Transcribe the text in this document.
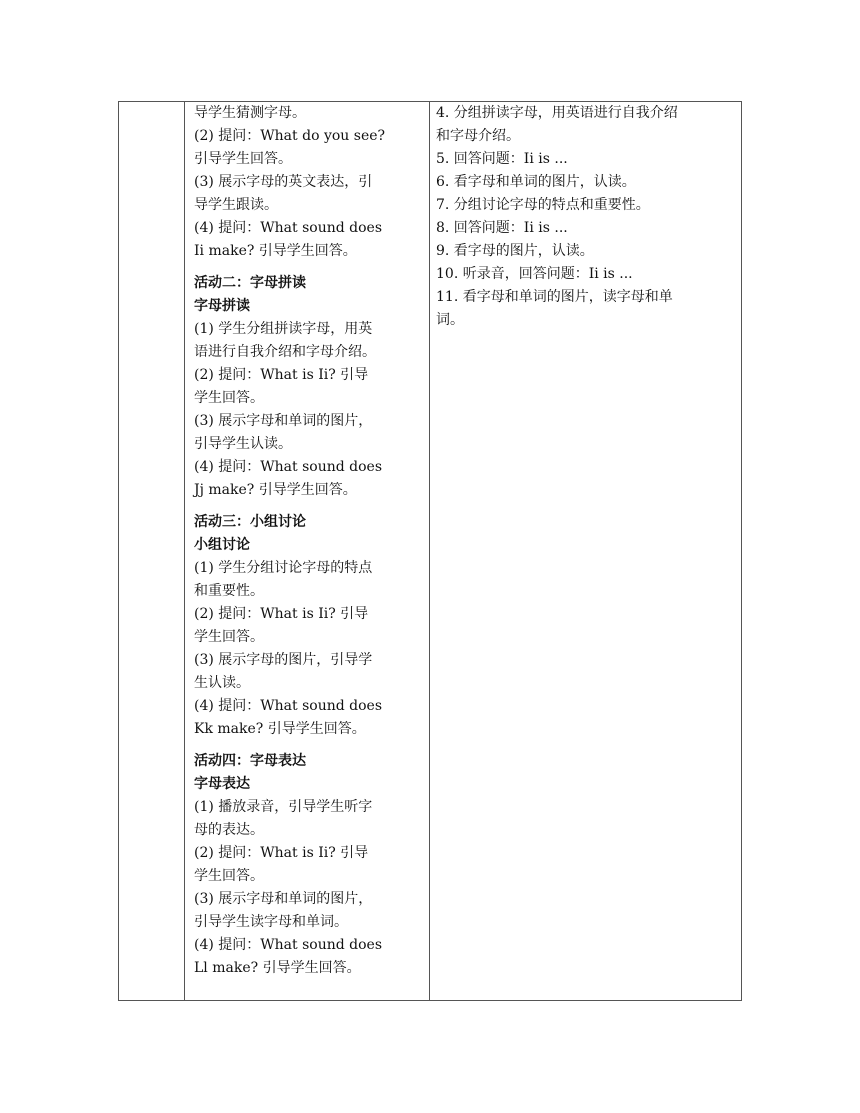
导学生猜测字母。
(2) 提问：What do you see?
引导学生回答。
(3) 展示字母的英文表达，引
导学生跟读。
(4) 提问：What sound does
Ii make? 引导学生回答。
活动二：字母拼读
字母拼读
(1) 学生分组拼读字母，用英
语进行自我介绍和字母介绍。
(2) 提问：What is Ii? 引导
学生回答。
(3) 展示字母和单词的图片，
引导学生认读。
(4) 提问：What sound does
Jj make? 引导学生回答。
活动三：小组讨论
小组讨论
(1) 学生分组讨论字母的特点
和重要性。
(2) 提问：What is Ii? 引导
学生回答。
(3) 展示字母的图片，引导学
生认读。
(4) 提问：What sound does
Kk make? 引导学生回答。
活动四：字母表达
字母表达
(1) 播放录音，引导学生听字
母的表达。
(2) 提问：What is Ii? 引导
学生回答。
(3) 展示字母和单词的图片，
引导学生读字母和单词。
(4) 提问：What sound does
Ll make? 引导学生回答。
4. 分组拼读字母，用英语进行自我介绍
和字母介绍。
5. 回答问题：Ii is ...
6. 看字母和单词的图片，认读。
7. 分组讨论字母的特点和重要性。
8. 回答问题：Ii is ...
9. 看字母的图片，认读。
10. 听录音，回答问题：Ii is ...
11. 看字母和单词的图片，读字母和单
词。
